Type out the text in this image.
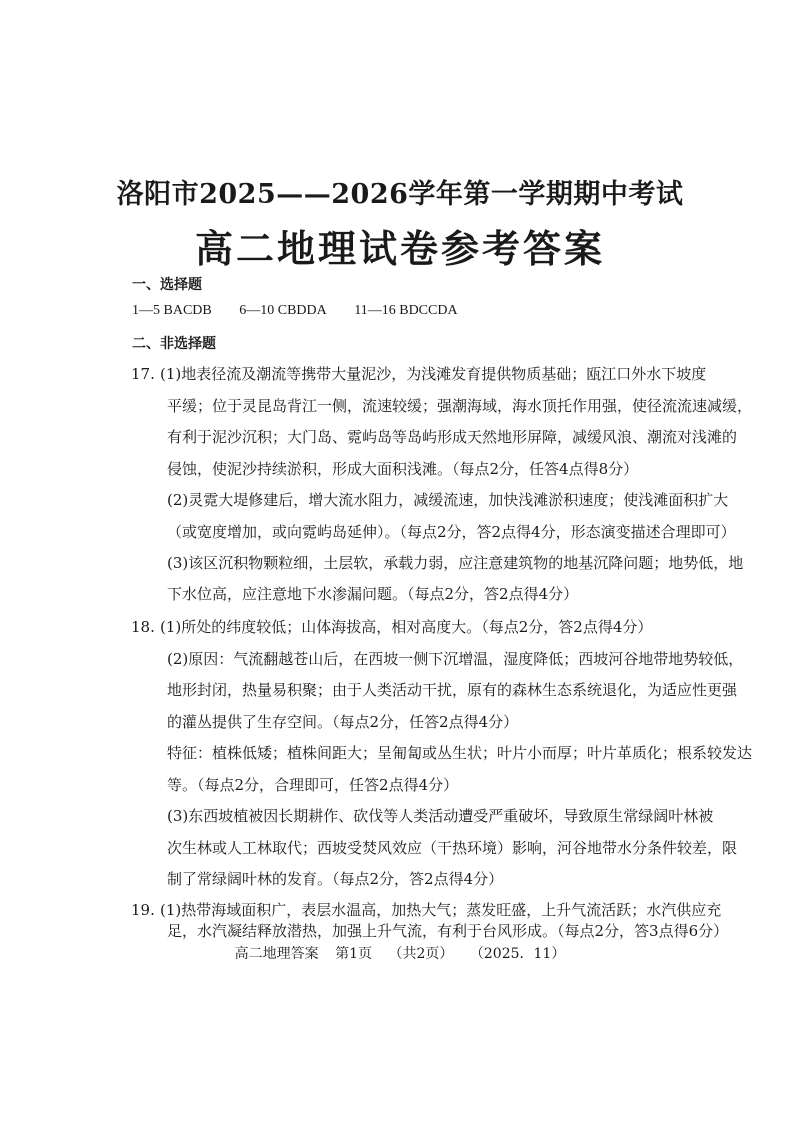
洛阳市2025——2026学年第一学期期中考试
高二地理试卷参考答案
一、选择题
1—5 BACDB 6—10 CBDDA 11—16 BDCCDA
二、非选择题
17. (1)地表径流及潮流等携带大量泥沙，为浅滩发育提供物质基础；瓯江口外水下坡度
平缓；位于灵昆岛背江一侧，流速较缓；强潮海域，海水顶托作用强，使径流流速减缓，
有利于泥沙沉积；大门岛、霓屿岛等岛屿形成天然地形屏障，减缓风浪、潮流对浅滩的
侵蚀，使泥沙持续淤积，形成大面积浅滩。（每点2分，任答4点得8分）
(2)灵霓大堤修建后，增大流水阻力，减缓流速，加快浅滩淤积速度；使浅滩面积扩大
（或宽度增加，或向霓屿岛延伸）。（每点2分，答2点得4分，形态演变描述合理即可）
(3)该区沉积物颗粒细，土层软，承载力弱，应注意建筑物的地基沉降问题；地势低，地
下水位高，应注意地下水渗漏问题。（每点2分，答2点得4分）
18. (1)所处的纬度较低；山体海拔高，相对高度大。（每点2分，答2点得4分）
(2)原因：气流翻越苍山后，在西坡一侧下沉增温，湿度降低；西坡河谷地带地势较低，
地形封闭，热量易积聚；由于人类活动干扰，原有的森林生态系统退化，为适应性更强
的灌丛提供了生存空间。（每点2分，任答2点得4分）
特征：植株低矮；植株间距大；呈匍匐或丛生状；叶片小而厚；叶片革质化；根系较发达
等。（每点2分，合理即可，任答2点得4分）
(3)东西坡植被因长期耕作、砍伐等人类活动遭受严重破坏，导致原生常绿阔叶林被
次生林或人工林取代；西坡受焚风效应（干热环境）影响，河谷地带水分条件较差，限
制了常绿阔叶林的发育。（每点2分，答2点得4分）
19. (1)热带海域面积广，表层水温高，加热大气；蒸发旺盛，上升气流活跃；水汽供应充
足，水汽凝结释放潜热，加强上升气流，有利于台风形成。（每点2分，答3点得6分）
高二地理答案 第1页 （共2页） （2025．11）
